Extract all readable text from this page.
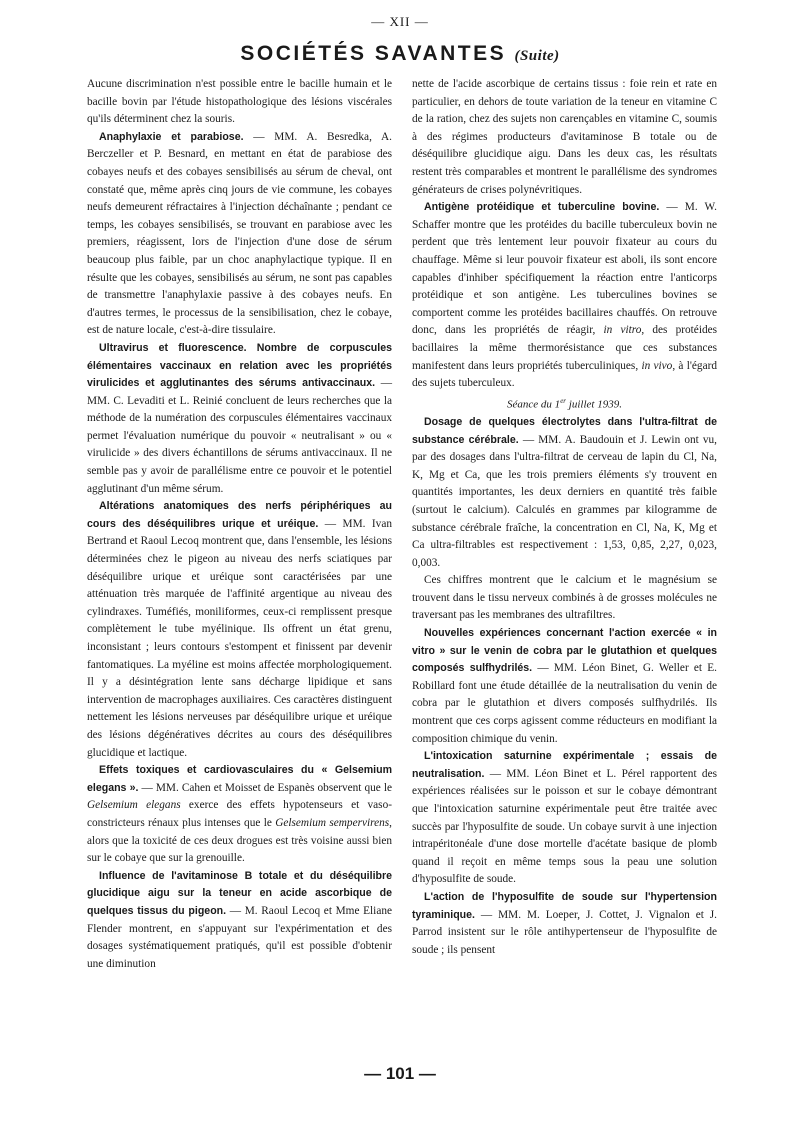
— XII —
SOCIÉTÉS SAVANTES (Suite)

Aucune discrimination n'est possible entre le bacille humain et le bacille bovin par l'étude histopathologique des lésions viscérales qu'ils déterminent chez la souris.

Anaphylaxie et parabiose. — MM. A. Besredka, A. Berczeller et P. Besnard, en mettant en état de parabiose des cobayes neufs et des cobayes sensibilisés au sérum de cheval, ont constaté que, même après cinq jours de vie commune, les cobayes neufs demeurent réfractaires à l'injection déchaînante ; pendant ce temps, les cobayes sensibilisés, se trouvant en parabiose avec les premiers, réagissent, lors de l'injection d'une dose de sérum beaucoup plus faible, par un choc anaphylactique typique. Il en résulte que les cobayes, sensibilisés au sérum, ne sont pas capables de transmettre l'anaphylaxie passive à des cobayes neufs. En d'autres termes, le processus de la sensibilisation, chez le cobaye, est de nature locale, c'est-à-dire tissulaire.

Ultravirus et fluorescence. Nombre de corpuscules élémentaires vaccinaux en relation avec les propriétés virulicides et agglutinantes des sérums antivaccinaux. — MM. C. Levaditi et L. Reinié concluent de leurs recherches que la méthode de la numération des corpuscules élémentaires vaccinaux permet l'évaluation numérique du pouvoir « neutralisant » ou « virulicide » des divers échantillons de sérums antivaccinaux. Il ne semble pas y avoir de parallélisme entre ce pouvoir et le potentiel agglutinant d'un même sérum.

Altérations anatomiques des nerfs périphériques au cours des déséquilibres urique et uréique. — MM. Ivan Bertrand et Raoul Lecoq montrent que, dans l'ensemble, les lésions déterminées chez le pigeon au niveau des nerfs sciatiques par déséquilibre urique et uréique sont caractérisées par une atténuation très marquée de l'affinité argentique au niveau des cylindraxes. Tuméfiés, moniliformes, ceux-ci remplissent presque complètement le tube myélinique. Ils offrent un état grenu, inconsistant ; leurs contours s'estompent et finissent par devenir fantomatiques. La myéline est moins affectée morphologiquement. Il y a désintégration lente sans décharge lipidique et sans intervention de macrophages auxiliaires. Ces caractères distinguent nettement les lésions nerveuses par déséquilibre urique et uréique des lésions dégénératives décrites au cours des déséquilibres glucidique et lactique.

Effets toxiques et cardiovasculaires du « Gelsemium elegans ». — MM. Cahen et Moisset de Espanès observent que le Gelsemium elegans exerce des effets hypotenseurs et vaso-constricteurs rénaux plus intenses que le Gelsemium sempervirens, alors que la toxicité de ces deux drogues est très voisine aussi bien sur le cobaye que sur la grenouille.

Influence de l'avitaminose B totale et du déséquilibre glucidique aigu sur la teneur en acide ascorbique de quelques tissus du pigeon. — M. Raoul Lecoq et Mme Eliane Flender montrent, en s'appuyant sur l'expérimentation et des dosages systématiquement pratiqués, qu'il est possible d'obtenir une diminution

nette de l'acide ascorbique de certains tissus : foie rein et rate en particulier, en dehors de toute variation de la teneur en vitamine C de la ration, chez des sujets non carençables en vitamine C, soumis à des régimes producteurs d'avitaminose B totale ou de déséquilibre glucidique aigu. Dans les deux cas, les résultats restent très comparables et montrent le parallélisme des syndromes générateurs de crises polynévritiques.

Antigène protéidique et tuberculine bovine. — M. W. Schaffer montre que les protéides du bacille tuberculeux bovin ne perdent que très lentement leur pouvoir fixateur au cours du chauffage. Même si leur pouvoir fixateur est aboli, ils sont encore capables d'inhiber spécifiquement la réaction entre l'anticorps protéidique et son antigène. Les tuberculines bovines se comportent comme les protéides bacillaires chauffés. On retrouve donc, dans les propriétés de réagir, in vitro, des protéides bacillaires la même thermorésistance que ces substances manifestent dans leurs propriétés tuberculiniques, in vivo, à l'égard des sujets tuberculeux.

Séance du 1er juillet 1939.

Dosage de quelques électrolytes dans l'ultra-filtrat de substance cérébrale. — MM. A. Baudouin et J. Lewin ont vu, par des dosages dans l'ultra-filtrat de cerveau de lapin du Cl, Na, K, Mg et Ca, que les trois premiers éléments s'y trouvent en quantités importantes, les deux derniers en quantité très faible (surtout le calcium). Calculés en grammes par kilogramme de substance cérébrale fraîche, la concentration en Cl, Na, K, Mg et Ca ultra-filtrables est respectivement : 1,53, 0,85, 2,27, 0,023, 0,003.

Ces chiffres montrent que le calcium et le magnésium se trouvent dans le tissu nerveux combinés à de grosses molécules ne traversant pas les membranes des ultrafiltres.

Nouvelles expériences concernant l'action exercée « in vitro » sur le venin de cobra par le glutathion et quelques composés sulfhydrilés. — MM. Léon Binet, G. Weller et E. Robillard font une étude détaillée de la neutralisation du venin de cobra par le glutathion et divers composés sulfhydrilés. Ils montrent que ces corps agissent comme réducteurs en modifiant la composition chimique du venin.

L'intoxication saturnine expérimentale ; essais de neutralisation. — MM. Léon Binet et L. Pérel rapportent des expériences réalisées sur le poisson et sur le cobaye démontrant que l'intoxication saturnine expérimentale peut être traitée avec succès par l'hyposulfite de soude. Un cobaye survit à une injection intrapéritonéale d'une dose mortelle d'acétate basique de plomb quand il reçoit en même temps sous la peau une solution d'hyposulfite de soude.

L'action de l'hyposulfite de soude sur l'hypertension tyraminique. — MM. M. Loeper, J. Cottet, J. Vignalon et J. Parrod insistent sur le rôle antihypertenseur de l'hyposulfite de soude ; ils pensent

— 101 —
